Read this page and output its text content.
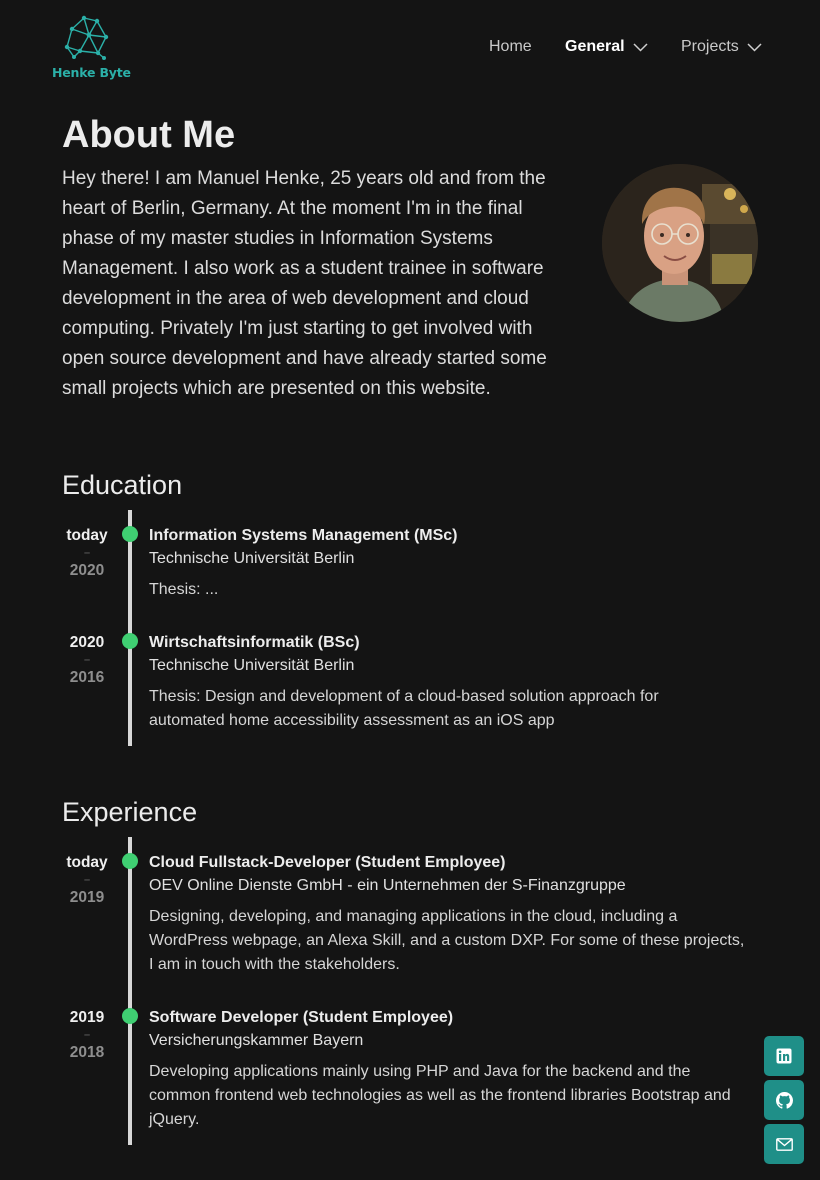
Henke Byte
Home General	Projects
About Me

Hey there! I am Manuel Henke, 25 years old and from the heart of Berlin, Germany. At the moment I'm in the final phase of my master studies in Information Systems Management. I also work as a student trainee in software development in the area of web development and cloud computing. Privately I'm just starting to get involved with open source development and have already started some small projects which are presented on this website.

Education
today
–
2020
Information Systems Management (MSc)
Technische Universität Berlin
Thesis: ...
2020
–
2016
Wirtschaftsinformatik (BSc)
Technische Universität Berlin
Thesis: Design and development of a cloud-based solution approach for automated home accessibility assessment as an iOS app
Experience
today
–
2019
Cloud Fullstack-Developer (Student Employee)
OEV Online Dienste GmbH - ein Unternehmen der S-Finanzgruppe
Designing, developing, and managing applications in the cloud, including a WordPress webpage, an Alexa Skill, and a custom DXP. For some of these projects, I am in touch with the stakeholders.
2019
–
2018
Software Developer (Student Employee)
Versicherungskammer Bayern
Developing applications mainly using PHP and Java for the backend and the common frontend web technologies as well as the frontend libraries Bootstrap and jQuery.
